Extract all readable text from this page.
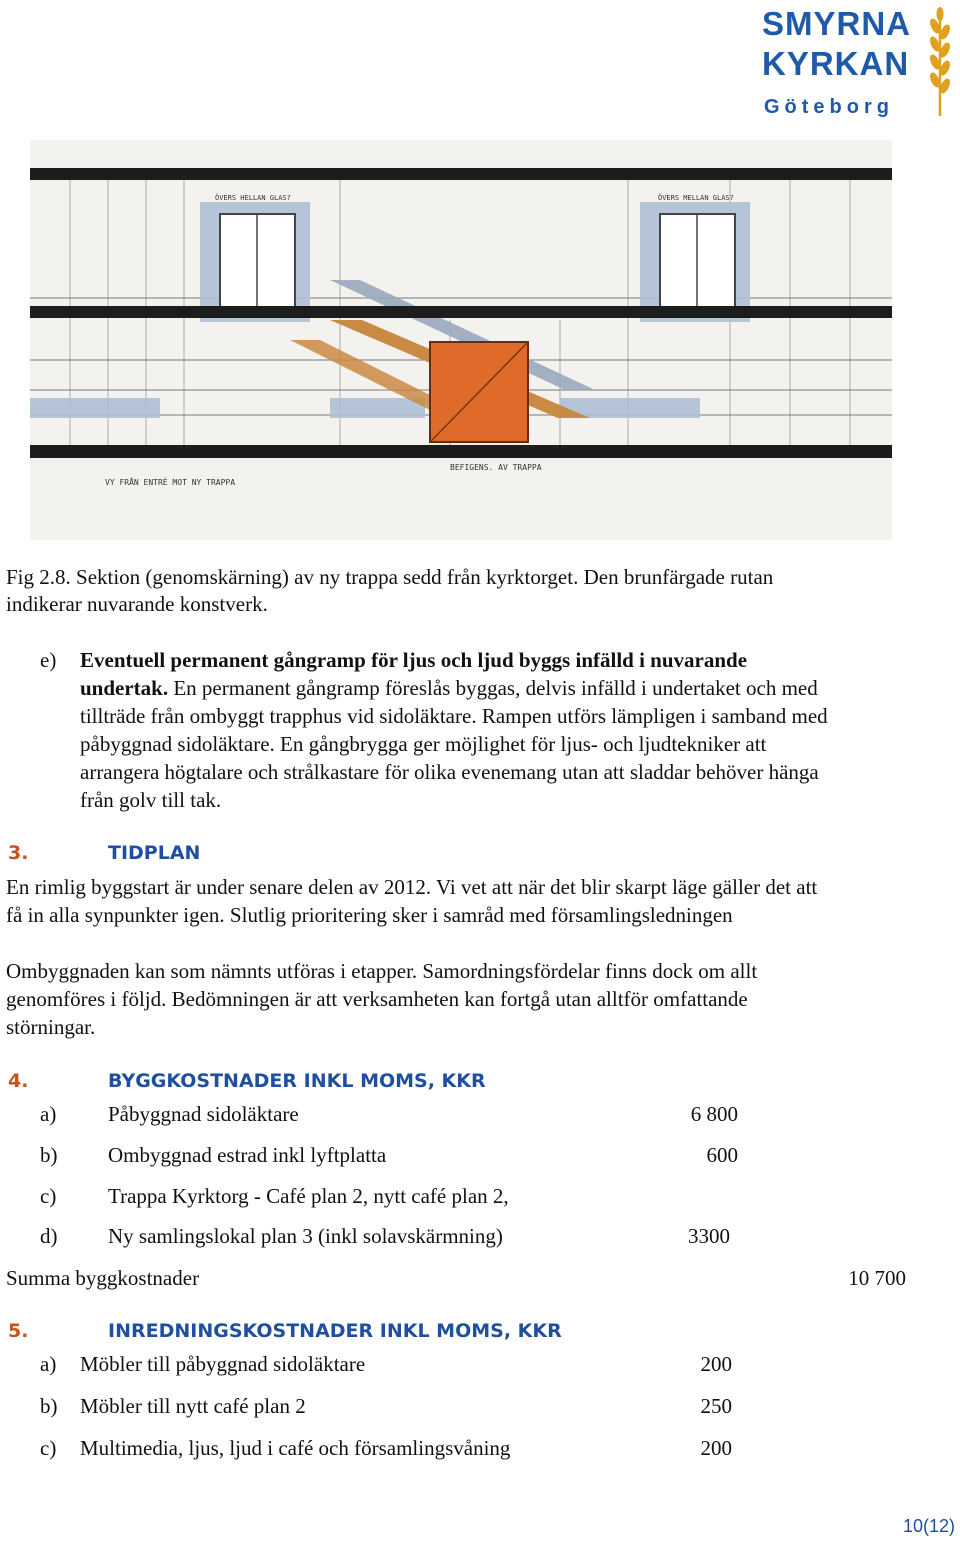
SMYRNA
KYRKAN
Göteborg
ÖVERS HELLAN GLAS?	ÖVERS MELLAN GLAS?
VY FRÅN ENTRÉ MOT NY TRAPPA
BEFIGENS. AV TRAPPA
Fig 2.8. Sektion (genomskärning) av ny trappa sedd från kyrktorget. Den brunfärgade rutan
indikerar nuvarande konstverk.
e) Eventuell permanent gångramp för ljus och ljud byggs infälld i nuvarande
undertak. En permanent gångramp föreslås byggas, delvis infälld i undertaket och med
tillträde från ombyggt trapphus vid sidoläktare. Rampen utförs lämpligen i samband med
påbyggnad sidoläktare. En gångbrygga ger möjlighet för ljus- och ljudtekniker att
arrangera högtalare och strålkastare för olika evenemang utan att sladdar behöver hänga
från golv till tak.
3.	TIDPLAN
En rimlig byggstart är under senare delen av 2012. Vi vet att när det blir skarpt läge gäller det att
få in alla synpunkter igen. Slutlig prioritering sker i samråd med församlingsledningen
Ombyggnaden kan som nämnts utföras i etapper. Samordningsfördelar finns dock om allt
genomföres i följd. Bedömningen är att verksamheten kan fortgå utan alltför omfattande
störningar.
4.	BYGGKOSTNADER INKL MOMS, KKR
a) Påbyggnad sidoläktare	6 800
b) Ombyggnad estrad inkl lyftplatta	600
c) Trappa Kyrktorg - Café plan 2, nytt café plan 2,
d) Ny samlingslokal plan 3 (inkl solavskärmning)	3300
Summa byggkostnader	10 700
5.	INREDNINGSKOSTNADER INKL MOMS, KKR
a) Möbler till påbyggnad sidoläktare	200
b) Möbler till nytt café plan 2	250
c) Multimedia, ljus, ljud i café och församlingsvåning	200
10(12)
